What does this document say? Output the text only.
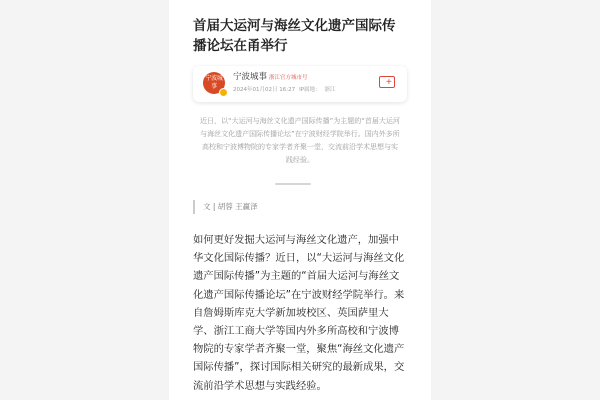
首届大运河与海丝文化遗产国际传播论坛在甬举行
宁波城事
宁波城事 浙江官方城市号
2024年01月02日 16:27 IP属地： 浙江
+

近日，以“大运河与海丝文化遗产国际传播”为主题的“首届大运河与海丝文化遗产国际传播论坛”在宁波财经学院举行。国内外多所高校和宁波博物院的专家学者齐聚一堂，交流前沿学术思想与实践经验。

文 | 胡蓉 王赢泽

如何更好发掘大运河与海丝文化遗产，加强中华文化国际传播？近日，以“大运河与海丝文化遗产国际传播”为主题的“首届大运河与海丝文化遗产国际传播论坛”在宁波财经学院举行。来自詹姆斯库克大学新加坡校区、英国萨里大学、浙江工商大学等国内外多所高校和宁波博物院的专家学者齐聚一堂，聚焦“海丝文化遗产国际传播”，探讨国际相关研究的最新成果，交流前沿学术思想与实践经验。
